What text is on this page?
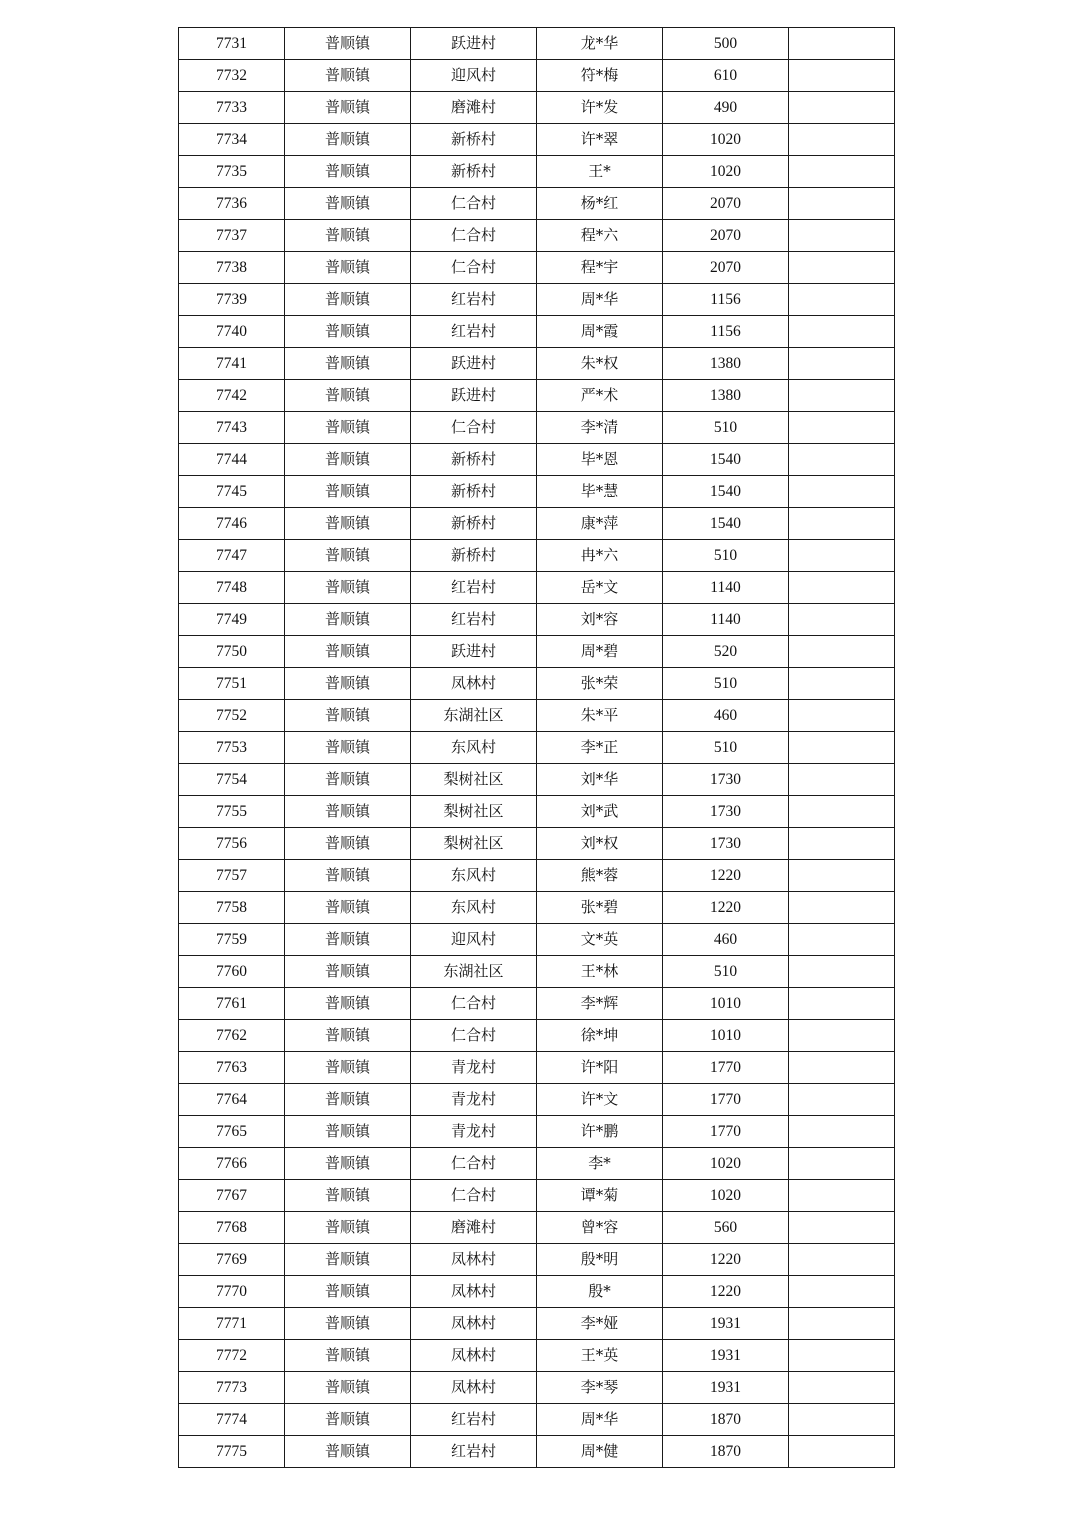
7731	普顺镇	跃进村	龙*华	500	
7732	普顺镇	迎风村	符*梅	610	
7733	普顺镇	磨滩村	许*发	490	
7734	普顺镇	新桥村	许*翠	1020	
7735	普顺镇	新桥村	王*	1020	
7736	普顺镇	仁合村	杨*红	2070	
7737	普顺镇	仁合村	程*六	2070	
7738	普顺镇	仁合村	程*宇	2070	
7739	普顺镇	红岩村	周*华	1156	
7740	普顺镇	红岩村	周*霞	1156	
7741	普顺镇	跃进村	朱*权	1380	
7742	普顺镇	跃进村	严*术	1380	
7743	普顺镇	仁合村	李*清	510	
7744	普顺镇	新桥村	毕*恩	1540	
7745	普顺镇	新桥村	毕*慧	1540	
7746	普顺镇	新桥村	康*萍	1540	
7747	普顺镇	新桥村	冉*六	510	
7748	普顺镇	红岩村	岳*文	1140	
7749	普顺镇	红岩村	刘*容	1140	
7750	普顺镇	跃进村	周*碧	520	
7751	普顺镇	凤林村	张*荣	510	
7752	普顺镇	东湖社区	朱*平	460	
7753	普顺镇	东风村	李*正	510	
7754	普顺镇	梨树社区	刘*华	1730	
7755	普顺镇	梨树社区	刘*武	1730	
7756	普顺镇	梨树社区	刘*权	1730	
7757	普顺镇	东风村	熊*蓉	1220	
7758	普顺镇	东风村	张*碧	1220	
7759	普顺镇	迎风村	文*英	460	
7760	普顺镇	东湖社区	王*林	510	
7761	普顺镇	仁合村	李*辉	1010	
7762	普顺镇	仁合村	徐*坤	1010	
7763	普顺镇	青龙村	许*阳	1770	
7764	普顺镇	青龙村	许*文	1770	
7765	普顺镇	青龙村	许*鹏	1770	
7766	普顺镇	仁合村	李*	1020	
7767	普顺镇	仁合村	谭*菊	1020	
7768	普顺镇	磨滩村	曾*容	560	
7769	普顺镇	凤林村	殷*明	1220	
7770	普顺镇	凤林村	殷*	1220	
7771	普顺镇	凤林村	李*娅	1931	
7772	普顺镇	凤林村	王*英	1931	
7773	普顺镇	凤林村	李*琴	1931	
7774	普顺镇	红岩村	周*华	1870	
7775	普顺镇	红岩村	周*健	1870	
